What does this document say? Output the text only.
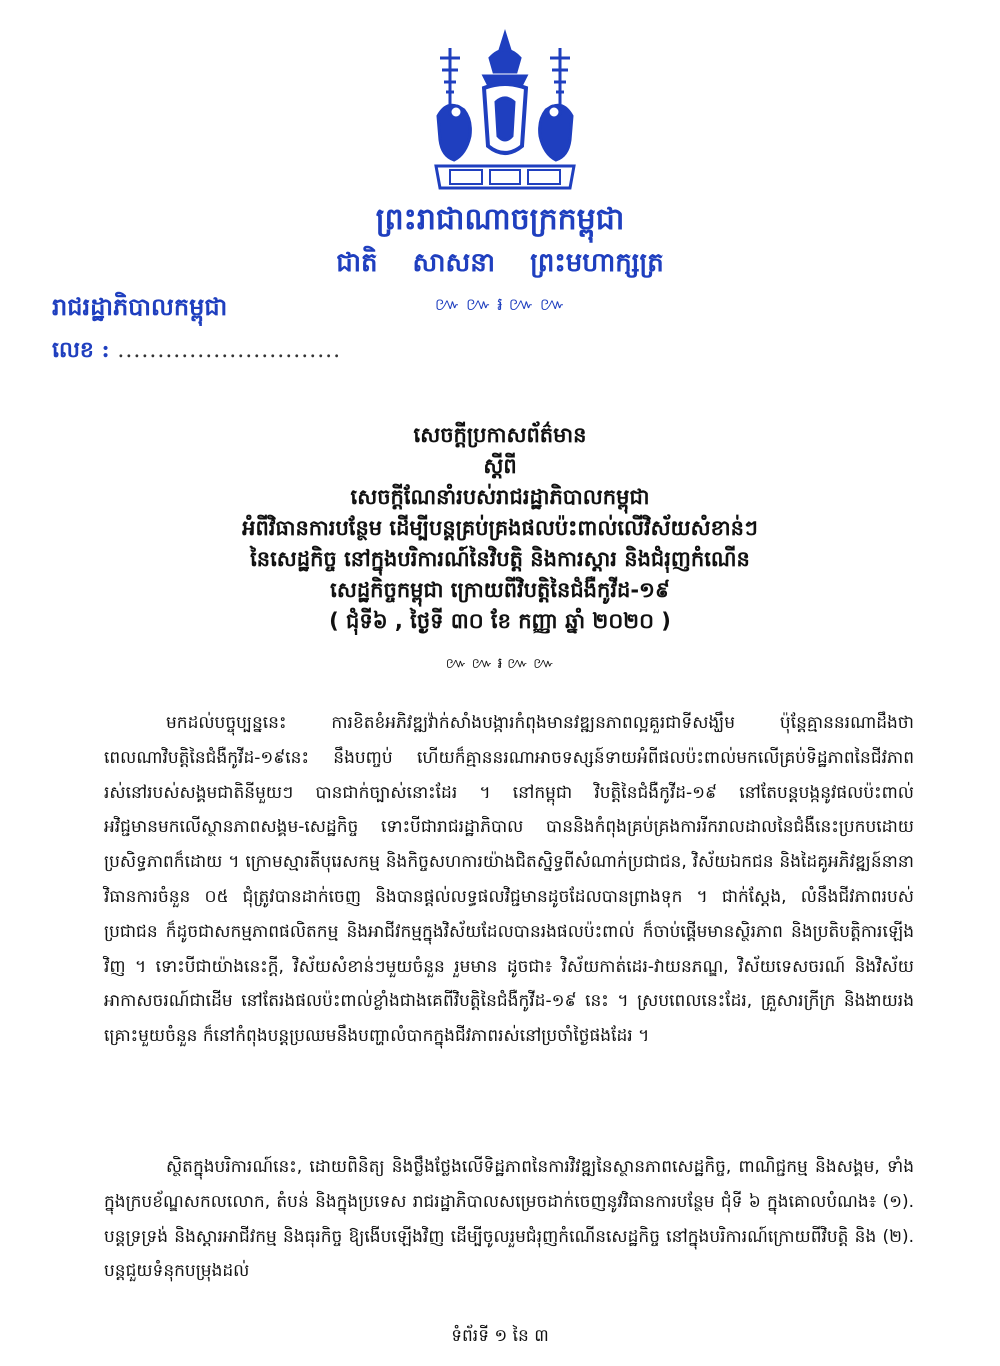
ព្រះរាជាណាចក្រកម្ពុជា
ជាតិ សាសនា ព្រះមហាក្សត្រ
៚ ៚ ៛ ៚ ៚
រាជរដ្ឋាភិបាលកម្ពុជា
លេខ : ............................
សេចក្តីប្រកាសព័ត៌មាន
ស្តីពី
សេចក្តីណែនាំរបស់រាជរដ្ឋាភិបាលកម្ពុជា
អំពីវិធានការបន្ថែម ដើម្បីបន្តគ្រប់គ្រងផលប៉ះពាល់លើវិស័យសំខាន់ៗ
នៃសេដ្ឋកិច្ច នៅក្នុងបរិការណ៍នៃវិបត្តិ និងការស្តារ និងជំរុញកំណើន
សេដ្ឋកិច្ចកម្ពុជា ក្រោយពីវិបត្តិនៃជំងឺកូវីដ-១៩
( ជុំទី៦ , ថ្ងៃទី ៣០ ខែ កញ្ញា ឆ្នាំ ២០២០ )
៚ ៚ ៛ ៚ ៚
មកដល់បច្ចុប្បន្ននេះ ការខិតខំអភិវឌ្ឍវ៉ាក់សាំងបង្ការកំពុងមានវឌ្ឍនភាពល្អគួរជាទីសង្ឃឹម ប៉ុន្តែគ្មាននរណាដឹងថាពេលណាវិបត្តិនៃជំងឺកូវីដ-១៩នេះ នឹងបញ្ចប់ ហើយក៏គ្មាននរណាអាចទស្សន៍ទាយអំពីផលប៉ះពាល់មកលើគ្រប់ទិដ្ឋភាពនៃជីវភាពរស់នៅរបស់សង្គមជាតិនីមួយៗ បានជាក់ច្បាស់នោះដែរ ។ នៅកម្ពុជា វិបត្តិនៃជំងឺកូវីដ-១៩ នៅតែបន្តបង្កនូវផលប៉ះពាល់អវិជ្ជមានមកលើស្ថានភាពសង្គម-សេដ្ឋកិច្ច ទោះបីជារាជរដ្ឋាភិបាល បាននិងកំពុងគ្រប់គ្រងការរីករាលដាលនៃជំងឺនេះប្រកបដោយប្រសិទ្ធភាពក៏ដោយ ។ ក្រោមស្មារតីបុរេសកម្ម និងកិច្ចសហការយ៉ាងជិតស្និទ្ធពីសំណាក់ប្រជាជន, វិស័យឯកជន និងដៃគូអភិវឌ្ឍន៍នានា វិធានការចំនួន ០៥ ជុំត្រូវបានដាក់ចេញ និងបានផ្តល់លទ្ធផលវិជ្ជមានដូចដែលបានព្រាងទុក ។ ជាក់ស្តែង, លំនឹងជីវភាពរបស់ប្រជាជន ក៏ដូចជាសកម្មភាពផលិតកម្ម និងអាជីវកម្មក្នុងវិស័យដែលបានរងផលប៉ះពាល់ ក៏ចាប់ផ្តើមមានស្ថិរភាព និងប្រតិបត្តិការឡើងវិញ ។ ទោះបីជាយ៉ាងនេះក្តី, វិស័យសំខាន់ៗមួយចំនួន រួមមាន ដូចជា៖ វិស័យកាត់ដេរ-វាយនភណ្ឌ, វិស័យទេសចរណ៍ និងវិស័យអាកាសចរណ៍ជាដើម នៅតែរងផលប៉ះពាល់ខ្លាំងជាងគេពីវិបត្តិនៃជំងឺកូវីដ-១៩ នេះ ។ ស្របពេលនេះដែរ, គ្រួសារក្រីក្រ និងងាយរងគ្រោះមួយចំនួន ក៏នៅកំពុងបន្តប្រឈមនឹងបញ្ហាលំបាកក្នុងជីវភាពរស់នៅប្រចាំថ្ងៃផងដែរ ។
ស្ថិតក្នុងបរិការណ៍នេះ, ដោយពិនិត្យ និងថ្លឹងថ្លែងលើទិដ្ឋភាពនៃការវិវឌ្ឍនៃស្ថានភាពសេដ្ឋកិច្ច, ពាណិជ្ជកម្ម និងសង្គម, ទាំងក្នុងក្របខ័ណ្ឌសកលលោក, តំបន់ និងក្នុងប្រទេស រាជរដ្ឋាភិបាលសម្រេចដាក់ចេញនូវវិធានការបន្ថែម ជុំទី ៦ ក្នុងគោលបំណង៖ (១). បន្តទ្រទ្រង់ និងស្តារអាជីវកម្ម និងធុរកិច្ច ឱ្យងើបឡើងវិញ ដើម្បីចូលរួមជំរុញកំណើនសេដ្ឋកិច្ច នៅក្នុងបរិការណ៍ក្រោយពីវិបត្តិ និង (២). បន្តជួយទំនុកបម្រុងដល់
ទំព័រទី ១ នៃ ៣
